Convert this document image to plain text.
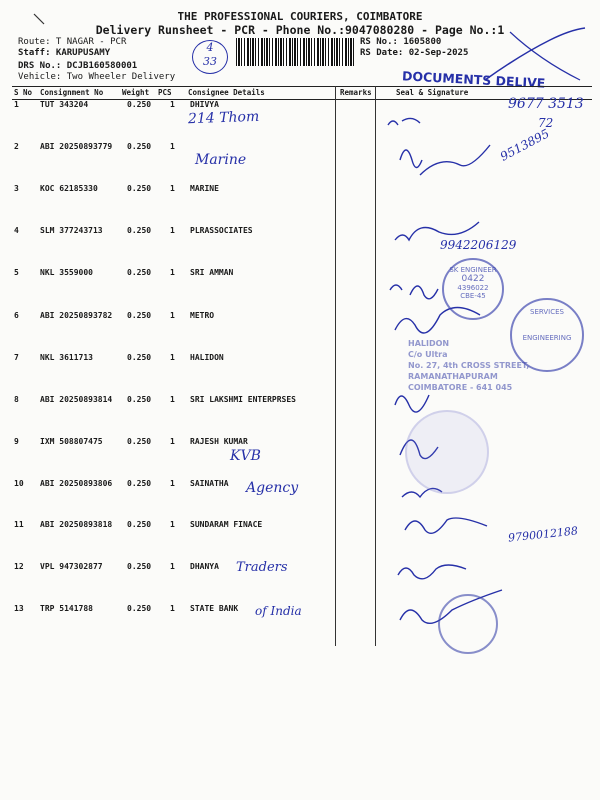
THE PROFESSIONAL COURIERS, COIMBATORE
Delivery Runsheet - PCR - Phone No.:9047080280 - Page No.:1
Route: T NAGAR - PCR
Staff: KARUPUSAMY
DRS No.: DCJB160580001
Vehicle: Two Wheeler Delivery
RS No.: 1605800
RS Date: 02-Sep-2025
4
33
DOCUMENTS DELIVE
S No Consignment No	Weight PCS Consignee Details	Remarks	Seal & Signature
1	TUT 343204	0.250 1 DHIVYA
2	ABI 20250893779 0.250 1
3	KOC 62185330	0.250 1 MARINE
4	SLM 377243713	0.250 1 PLRASSOCIATES
5	NKL 3559000	0.250 1 SRI AMMAN
6	ABI 20250893782 0.250 1 METRO
7	NKL 3611713	0.250 1 HALIDON
8	ABI 20250893814 0.250 1 SRI LAKSHMI ENTERPRSES
9	IXM 508807475	0.250 1 RAJESH KUMAR
10 ABI 20250893806 0.250 1 SAINATHA
11 ABI 20250893818 0.250 1 SUNDARAM FINACE
12 VPL 947302877	0.250 1 DHANYA
13 TRP 5141788	0.250 1 STATE BANK
214 Thom
9677 3513
72
Marine	9513895
9942206129
KVB
Agency
9790012188
Traders
of India
SK ENGINEER
0422
4396022
CBE-45
SERVICES
ENGINEERING
HALIDON
C/o Ultra
No. 27, 4th CROSS STREET,
RAMANATHAPURAM
COIMBATORE - 641 045
